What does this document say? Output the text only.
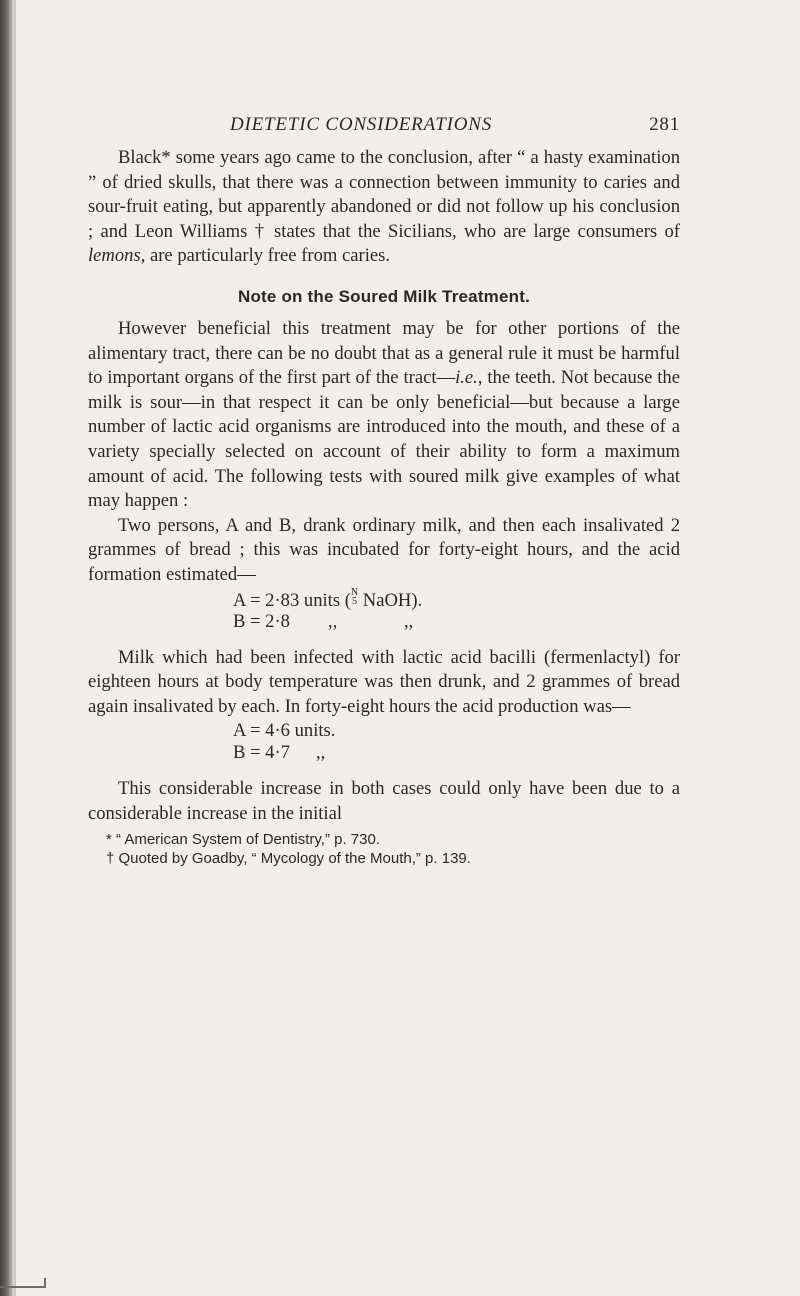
DIETETIC CONSIDERATIONS	281

Black* some years ago came to the conclusion, after “ a hasty examination ” of dried skulls, that there was a connection between immunity to caries and sour-fruit eating, but apparently abandoned or did not follow up his conclusion ; and Leon Williams † states that the Sicilians, who are large consumers of lemons, are particularly free from caries.

Note on the Soured Milk Treatment.

However beneficial this treatment may be for other portions of the alimentary tract, there can be no doubt that as a general rule it must be harmful to important organs of the first part of the tract—i.e., the teeth. Not because the milk is sour—in that respect it can be only beneficial—but because a large number of lactic acid organisms are introduced into the mouth, and these of a variety specially selected on account of their ability to form a maximum amount of acid. The following tests with soured milk give examples of what may happen :

Two persons, A and B, drank ordinary milk, and then each insalivated 2 grammes of bread ; this was incubated for forty-eight hours, and the acid formation estimated—

A = 2·83 units ( N
5 NaOH).
B = 2·8 ,,	,,

Milk which had been infected with lactic acid bacilli (fermenlactyl) for eighteen hours at body temperature was then drunk, and 2 grammes of bread again insalivated by each. In forty-eight hours the acid production was—

A = 4·6 units.
B = 4·7 ,,

This considerable increase in both cases could only have been due to a considerable increase in the initial

* “ American System of Dentistry,” p. 730.
† Quoted by Goadby, “ Mycology of the Mouth,” p. 139.
